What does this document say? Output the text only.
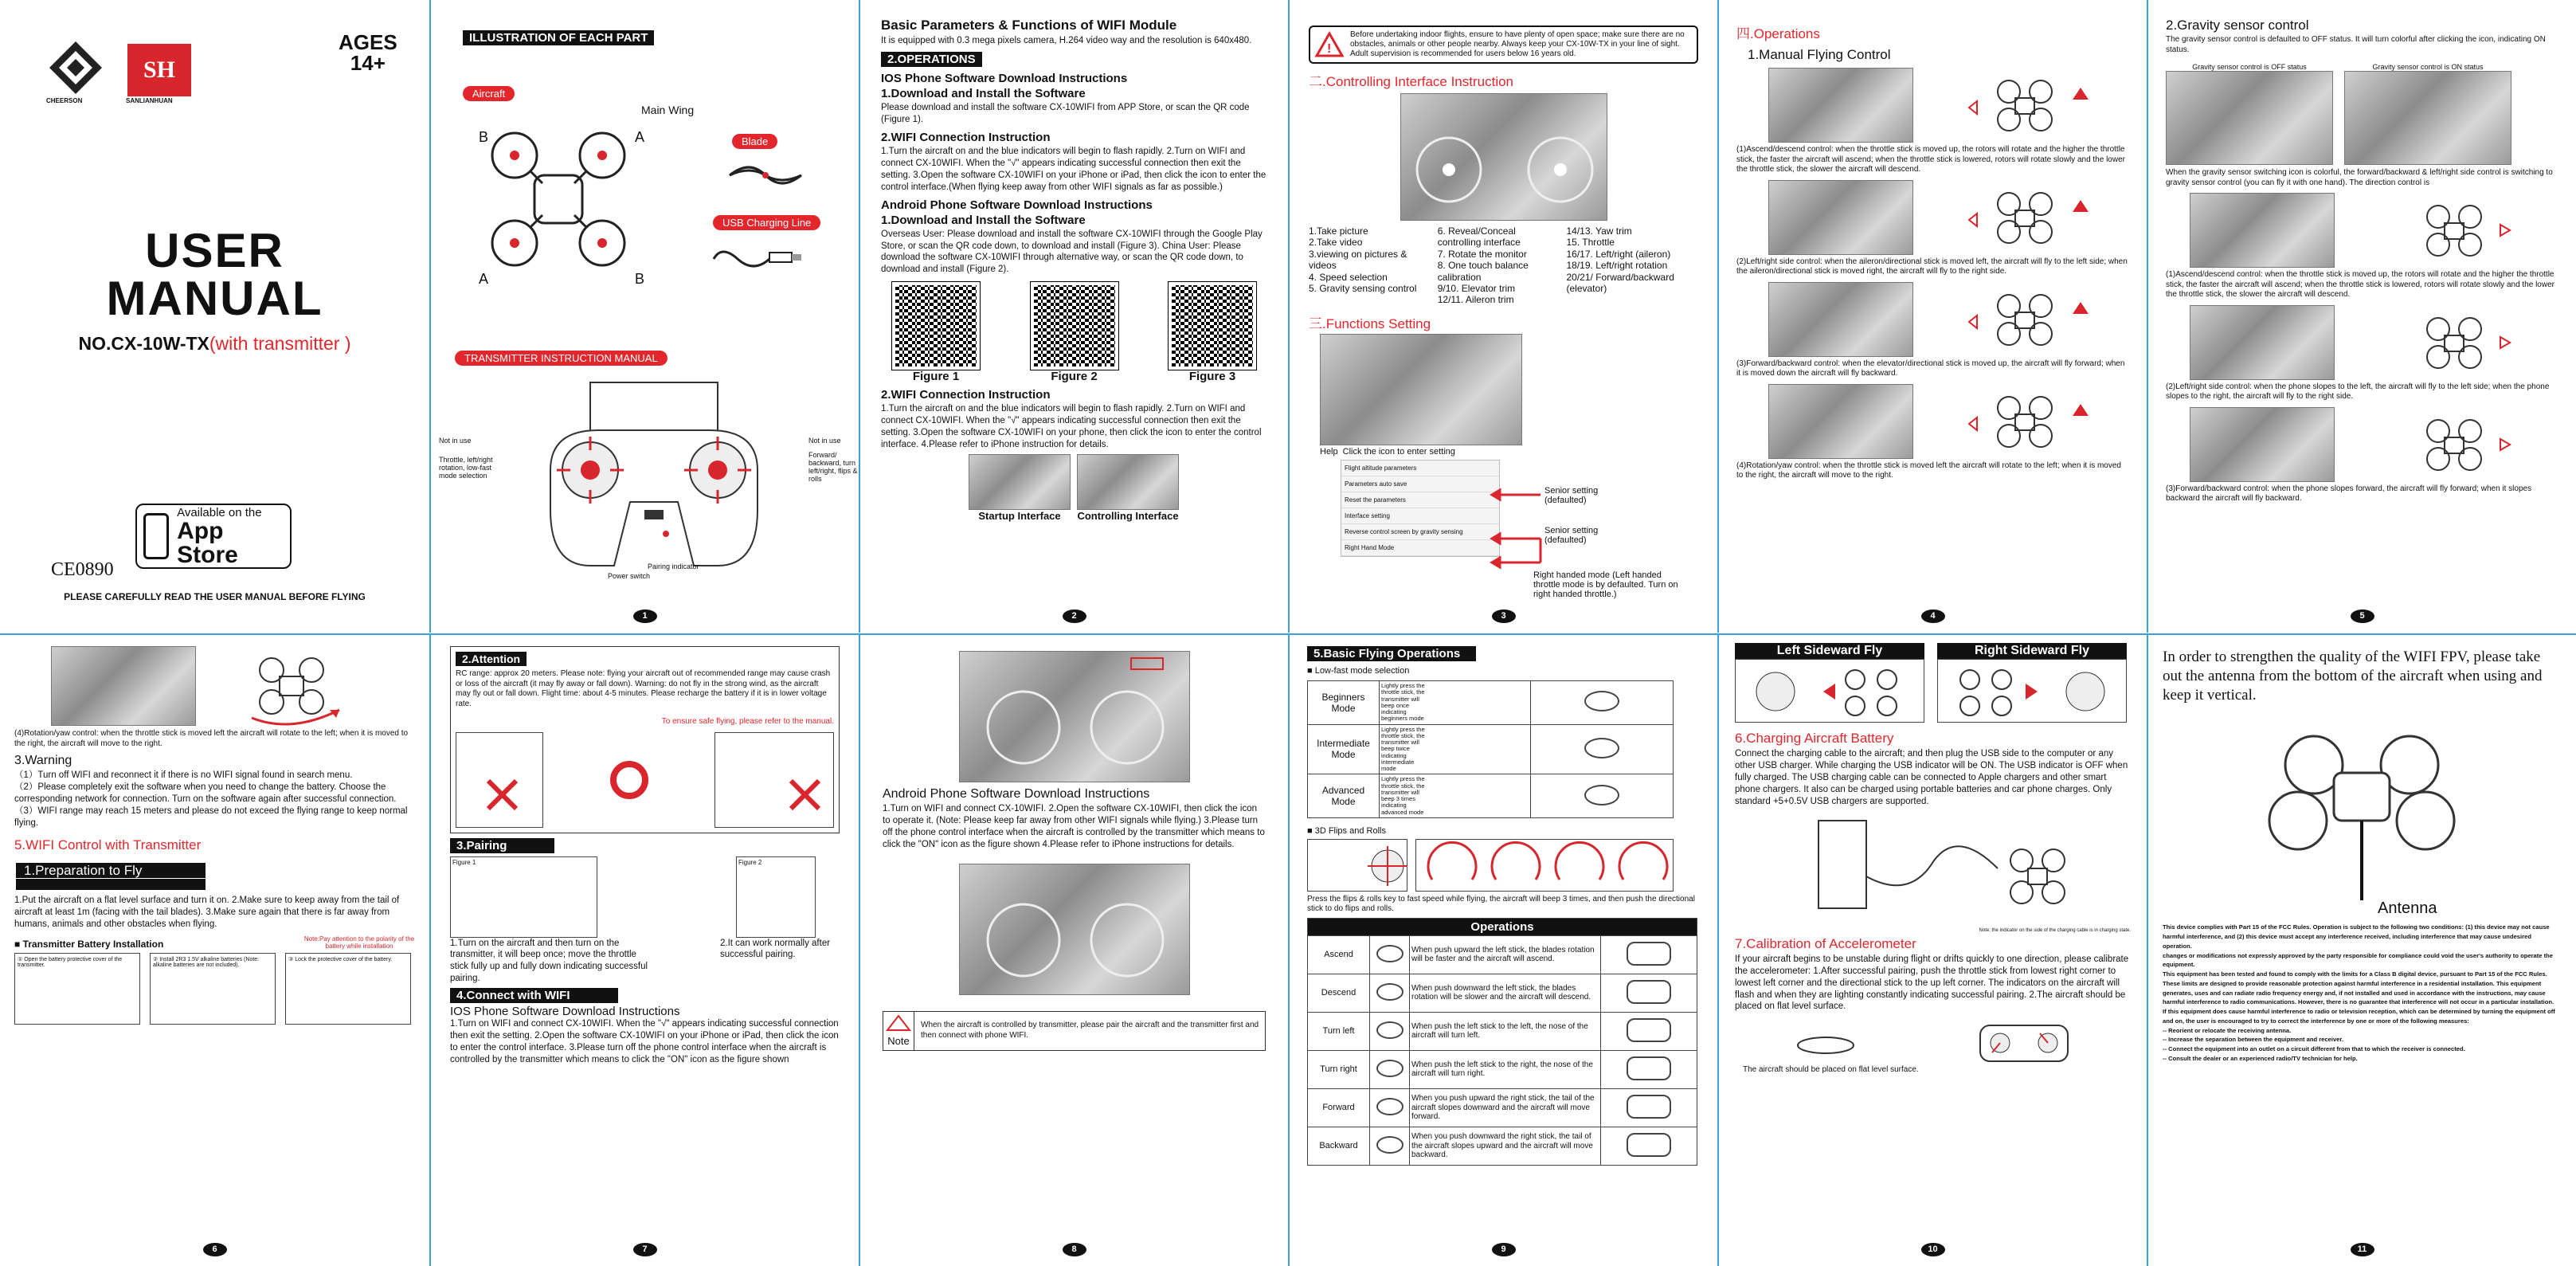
CHEERSON
SH
SANLIANHUAN
AGES
14+
USER
MANUAL
NO.CX-10W-TX(with transmitter )
Available on the
App Store
CE0890
PLEASE CAREFULLY READ THE USER MANUAL BEFORE FLYING
ILLUSTRATION OF EACH PART
Aircraft
Main Wing
B	A
A	B
Blade
USB Charging Line
TRANSMITTER INSTRUCTION MANUAL
Not in use	Not in use
Throttle, left/right rotation, low-fast mode selection
Forward/ backward, turn left/right, flips & rolls
Pairing indicator
Power switch
1
Basic Parameters & Functions of WIFI Module
It is equipped with 0.3 mega pixels camera, H.264 video way and the resolution is 640x480.
2.OPERATIONS
IOS Phone Software Download Instructions
1.Download and Install the Software
Please download and install the software CX-10WIFI from APP Store, or scan the QR code (Figure 1).
2.WIFI Connection Instruction
1.Turn the aircraft on and the blue indicators will begin to flash rapidly. 2.Turn on WIFI and connect CX-10WIFI. When the "√" appears indicating successful connection then exit the setting. 3.Open the software CX-10WIFI on your iPhone or iPad, then click the icon to enter the control interface.(When flying keep away from other WIFI signals as far as possible.)
Android Phone Software Download Instructions
1.Download and Install the Software
Overseas User: Please download and install the software CX-10WIFI through the Google Play Store, or scan the QR code down, to download and install (Figure 3). China User: Please download the software CX-10WIFI through alternative way, or scan the QR code down, to download and install (Figure 2).
Figure 1	Figure 2	Figure 3
2.WIFI Connection Instruction
1.Turn the aircraft on and the blue indicators will begin to flash rapidly. 2.Turn on WIFI and connect CX-10WIFI. When the "√" appears indicating successful connection then exit the setting. 3.Open the software CX-10WIFI on your phone, then click the icon to enter the control interface. 4.Please refer to iPhone instruction for details.
Startup Interface	Controlling Interface
2
!
Before undertaking indoor flights, ensure to have plenty of open space; make sure there are no obstacles, animals or other people nearby. Always keep your CX-10W-TX in your line of sight. Adult supervision is recommended for users below 16 years old.
二.Controlling Interface Instruction
1.Take picture
2.Take video
3.viewing on pictures & videos
4. Speed selection
5. Gravity sensing control
6. Reveal/Conceal controlling interface
7. Rotate the monitor
8. One touch balance calibration
9/10. Elevator trim
12/11. Aileron trim
14/13. Yaw trim
15. Throttle
16/17. Left/right (aileron)
18/19. Left/right rotation
20/21/ Forward/backward (elevator)
三.Functions Setting
Help Click the icon to enter setting
Flight altitude parameters
Parameters auto save
Reset the parameters
Interface setting
Reverse control screen by gravity sensing
Right Hand Mode
Senior setting (defaulted)
Senior setting (defaulted)
Right handed mode (Left handed throttle mode is by defaulted. Turn on right handed throttle.)
3
四.Operations
1.Manual Flying Control
(1)Ascend/descend control: when the throttle stick is moved up, the rotors will rotate and the higher the throttle stick, the faster the aircraft will ascend; when the throttle stick is lowered, rotors will rotate slowly and the lower the throttle stick, the slower the aircraft will descend.
(2)Left/right side control: when the aileron/directional stick is moved left, the aircraft will fly to the left side; when the aileron/directional stick is moved right, the aircraft will fly to the right side.
(3)Forward/backward control: when the elevator/directional stick is moved up, the aircraft will fly forward; when it is moved down the aircraft will fly backward.
(4)Rotation/yaw control: when the throttle stick is moved left the aircraft will rotate to the left; when it is moved to the right, the aircraft will move to the right.
4
2.Gravity sensor control
The gravity sensor control is defaulted to OFF status. It will turn colorful after clicking the icon, indicating ON status.
Gravity sensor control is OFF status	Gravity sensor control is ON status
When the gravity sensor switching icon is colorful, the forward/backward & left/right side control is switching to gravity sensor control (you can fly it with one hand). The direction control is
(1)Ascend/descend control: when the throttle stick is moved up, the rotors will rotate and the higher the throttle stick, the faster the aircraft will ascend; when the throttle stick is lowered, rotors will rotate slowly and the lower the throttle stick, the slower the aircraft will descend.
(2)Left/right side control: when the phone slopes to the left, the aircraft will fly to the left side; when the phone slopes to the right, the aircraft will fly to the right side.
(3)Forward/backward control: when the phone slopes forward, the aircraft will fly forward; when it slopes backward the aircraft will fly backward.
5
(4)Rotation/yaw control: when the throttle stick is moved left the aircraft will rotate to the left; when it is moved to the right, the aircraft will move to the right.
3.Warning
（1）Turn off WIFI and reconnect it if there is no WIFI signal found in search menu.
（2）Please completely exit the software when you need to change the battery. Choose the corresponding network for connection. Turn on the software again after successful connection.
（3）WIFI range may reach 15 meters and please do not exceed the flying range to keep normal flying.
5.WIFI Control with Transmitter
1.Preparation to Fly
1.Put the aircraft on a flat level surface and turn it on. 2.Make sure to keep away from the tail of aircraft at least 1m (facing with the tail blades). 3.Make sure again that there is far away from humans, animals and other obstacles when flying.
■ Transmitter Battery Installation	Note:Pay attention to the polarity of the battery while installation
① Open the battery protective cover of the transmitter.
② Install 2R3 1.5V alkaline batteries (Note: alkaline batteries are not included).
③ Lock the protective cover of the battery.
6
2.Attention
RC range: approx 20 meters. Please note: flying your aircraft out of recommended range may cause crash or loss of the aircraft (it may fly away or fall down). Warning: do not fly in the strong wind, as the aircraft may fly out or fall down. Flight time: about 4-5 minutes. Please recharge the battery if it is in lower voltage rate.
To ensure safe flying, please refer to the manual.
3.Pairing
Figure 1	Figure 2
1.Turn on the aircraft and then turn on the transmitter, it will beep once; move the throttle stick fully up and fully down indicating successful pairing.
2.It can work normally after successful pairing.
4.Connect with WIFI
IOS Phone Software Download Instructions
1.Turn on WIFI and connect CX-10WIFI. When the "√" appears indicating successful connection then exit the setting. 2.Open the software CX-10WIFI on your iPhone or iPad, then click the icon to enter the control interface. 3.Please turn off the phone control interface when the aircraft is controlled by the transmitter which means to click the "ON" icon as the figure shown
7
Android Phone Software Download Instructions
1.Turn on WIFI and connect CX-10WIFI. 2.Open the software CX-10WIFI, then click the icon to operate it. (Note: Please keep far away from other WIFI signals while flying.) 3.Please turn off the phone control interface when the aircraft is controlled by the transmitter which means to click the "ON" icon as the figure shown 4.Please refer to iPhone instructions for details.
Note
When the aircraft is controlled by transmitter, please pair the aircraft and the transmitter first and then connect with phone WIFI.
8
5.Basic Flying Operations
■ Low-fast mode selection
Beginners Mode	Lightly press the throttle stick, the transmitter will beep once indicating beginners mode	

Intermediate Mode	Lightly press the throttle stick, the transmitter will beep twice indicating intermediate mode	

Advanced Mode	Lightly press the throttle stick, the transmitter will beep 3 times indicating advanced mode	

■ 3D Flips and Rolls
Press the flips & rolls key to fast speed while flying, the aircraft will beep 3 times, and then push the directional stick to do flips and rolls.
Operations			
Ascend		When push upward the left stick, the blades rotation will be faster and the aircraft will ascend.	
Descend		When push downward the left stick, the blades rotation will be slower and the aircraft will descend.	
Turn left		When push the left stick to the left, the nose of the aircraft will turn left.	
Turn right		When push the left stick to the right, the nose of the aircraft will turn right.	
Forward		When you push upward the right stick, the tail of the aircraft slopes downward and the aircraft will move forward.	
Backward		When you push downward the right stick, the tail of the aircraft slopes upward and the aircraft will move backward.	
9
Left Sideward Fly	Right Sideward Fly
6.Charging Aircraft Battery
Connect the charging cable to the aircraft; and then plug the USB side to the computer or any other USB charger. While charging the USB indicator will be ON. The USB indicator is OFF when fully charged. The USB charging cable can be connected to Apple chargers and other smart phone chargers. It also can be charged using portable batteries and car phone charges. Only standard +5+0.5V USB chargers are supported.
Note: the indicator on the side of the charging cable is in charging state.
7.Calibration of Accelerometer
If your aircraft begins to be unstable during flight or drifts quickly to one direction, please calibrate the accelerometer: 1.After successful pairing, push the throttle stick from lowest right corner to lowest left corner and the directional stick to the up left corner. The indicators on the aircraft will flash and when they are lighting constantly indicating successful pairing. 2.The aircraft should be placed on flat level surface.
The aircraft should be placed on flat level surface.
10
In order to strengthen the quality of the WIFI FPV, please take out the antenna from the bottom of the aircraft when using and keep it vertical.
Antenna
This device complies with Part 15 of the FCC Rules. Operation is subject to the following two conditions: (1) this device may not cause harmful interference, and (2) this device must accept any interference received, including interference that may cause undesired operation.
changes or modifications not expressly approved by the party responsible for compliance could void the user's authority to operate the equipment.
This equipment has been tested and found to comply with the limits for a Class B digital device, pursuant to Part 15 of the FCC Rules. These limits are designed to provide reasonable protection against harmful interference in a residential installation. This equipment generates, uses and can radiate radio frequency energy and, if not installed and used in accordance with the instructions, may cause harmful interference to radio communications. However, there is no guarantee that interference will not occur in a particular installation.
If this equipment does cause harmful interference to radio or television reception, which can be determined by turning the equipment off and on, the user is encouraged to try to correct the interference by one or more of the following measures:
-- Reorient or relocate the receiving antenna.
-- Increase the separation between the equipment and receiver.
-- Connect the equipment into an outlet on a circuit different from that to which the receiver is connected.
-- Consult the dealer or an experienced radio/TV technician for help.
11
